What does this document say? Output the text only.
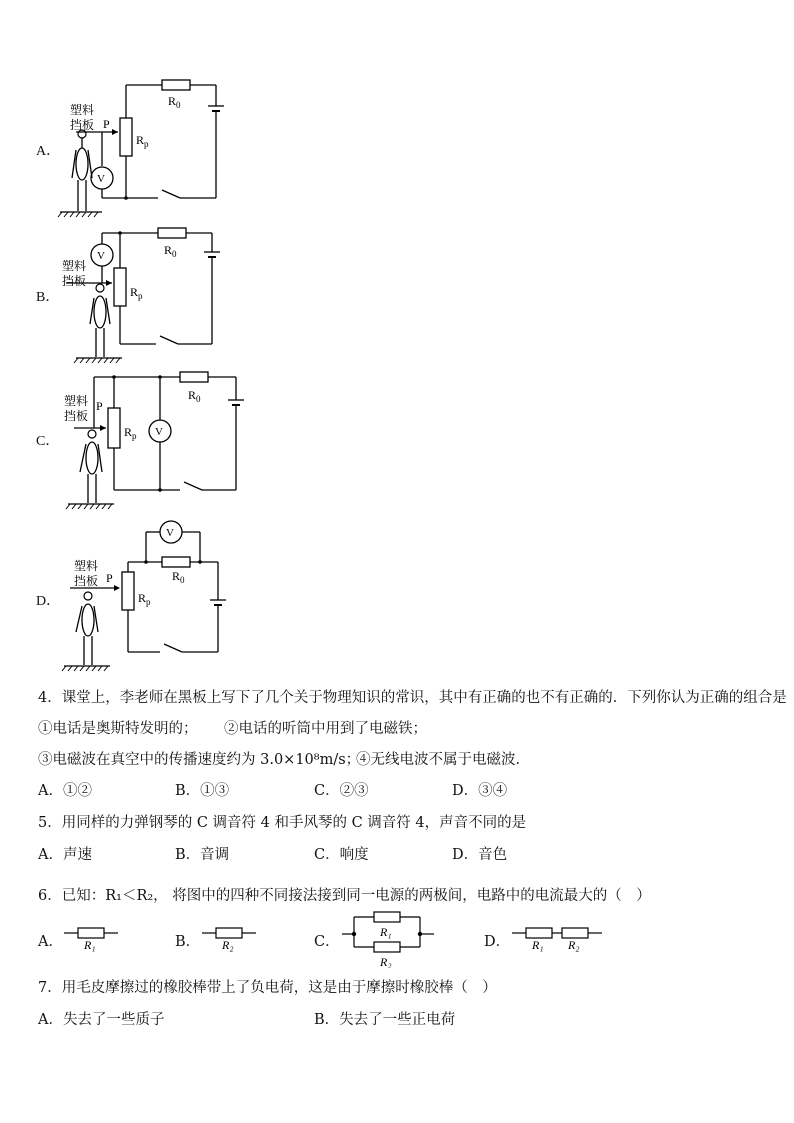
V
P
$R_p$
$R_0$
塑料
挡板
A．
V
$R_p$
$R_0$
塑料
挡板
B．
V
P
$R_p$
$R_0$
塑料
挡板
C．
V
P
$R_p$
$R_0$
塑料
挡板
D．
4．课堂上，李老师在黑板上写下了几个关于物理知识的常识，其中有正确的也不有正确的．下列你认为正确的组合是
①电话是奥斯特发明的； ②电话的听筒中用到了电磁铁；
③电磁波在真空中的传播速度约为 3.0×10⁸m/s；
④无线电波不属于电磁波．
A．①②	B．①③	C．②③	D．③④
5．用同样的力弹钢琴的 C 调音符 4 和手风琴的 C 调音符 4，声音不同的是
A．声速	B．音调	C．响度	D．音色
6．已知：R₁＜R₂， 将图中的四种不同接法接到同一电源的两极间，电路中的电流最大的（　）
A． R₁	B． R₂	C．
R₁
R₂
D． R₁ R₂
7．用毛皮摩擦过的橡胶棒带上了负电荷，这是由于摩擦时橡胶棒（　）
A．失去了一些质子	B．失去了一些正电荷
